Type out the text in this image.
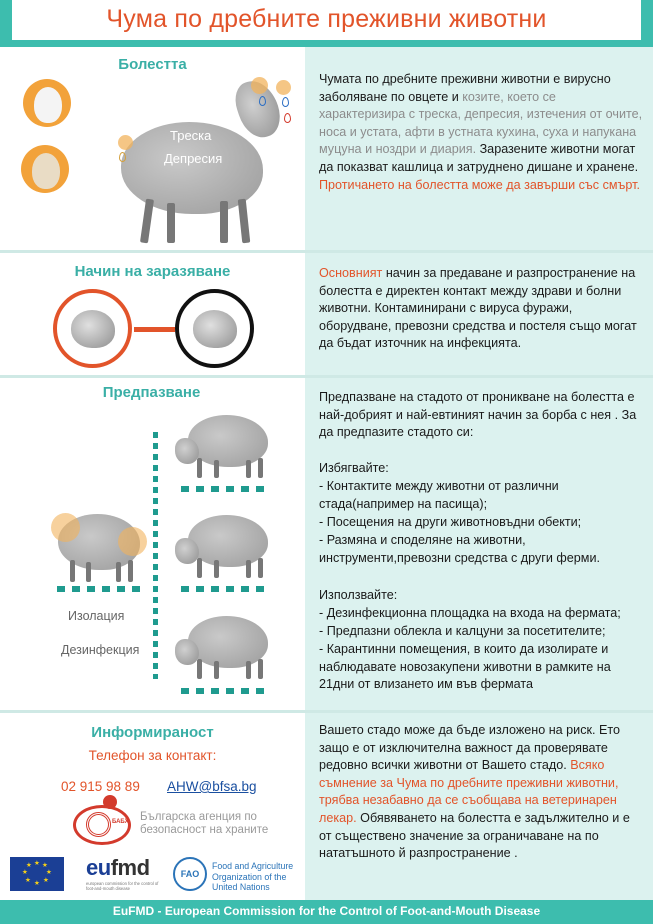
Чума по дребните преживни животни
Болестта
Треска
Депресия

Чумата по дребните преживни животни е вирусно заболяване по овцете и козите, което се характеризира с треска, депресия, изтечения от очите, носа и устата, афти в устната кухина, суха и напукана муцуна и ноздри и диария. Заразените животни могат да показват кашлица и затруднено дишане и хранене. Протичането на болестта може да завърши със смърт.

Начин на заразяване	Основният начин за предаване и разпространение на болестта е директен контакт между здрави и болни животни. Контаминирани с вируса фуражи, оборудване, превозни средства и постеля също могат да бъдат източник на инфекцията.

Предпазване
Изолация
Дезинфекция
Предпазване на стадото от проникване на болестта е най-добрият и най-евтиният начин за борба с нея . За да предпазите стадото си:
Избягвайте:
- Контактите между животни от различни стада(например на пасища);
- Посещения на други животновъдни обекти;
- Размяна и споделяне на животни, инструменти,превозни средства с други ферми.
Използвайте:
- Дезинфекционна площадка на входа на фермата;
- Предпазни облекла и калцуни за посетителите;
- Карантинни помещения, в които да изолирате и наблюдавате новозакупени животни в рамките на 21дни от влизането им във фермата
Информираност
Телефон за контакт:
02 915 98 89 AHW@bfsa.bg
БАБХ Българска агенция по безопасност на храните
★ ★
★
★
★
★
★
★ eufmd
european commission for the control of foot-and-mouth disease
FAO
Food and Agriculture Organization of the United Nations

Вашето стадо може да бъде изложено на риск. Ето защо е от изключителна важност да проверявате редовно всички животни от Вашето стадо. Всяко съмнение за Чума по дребните преживни животни, трябва незабавно да се съобщава на ветеринарен лекар. Обявяването на болестта е задължително и е от съществено значение за ограничаване на по нататъшното й разпространение .

EuFMD - European Commission for the Control of Foot-and-Mouth Disease
